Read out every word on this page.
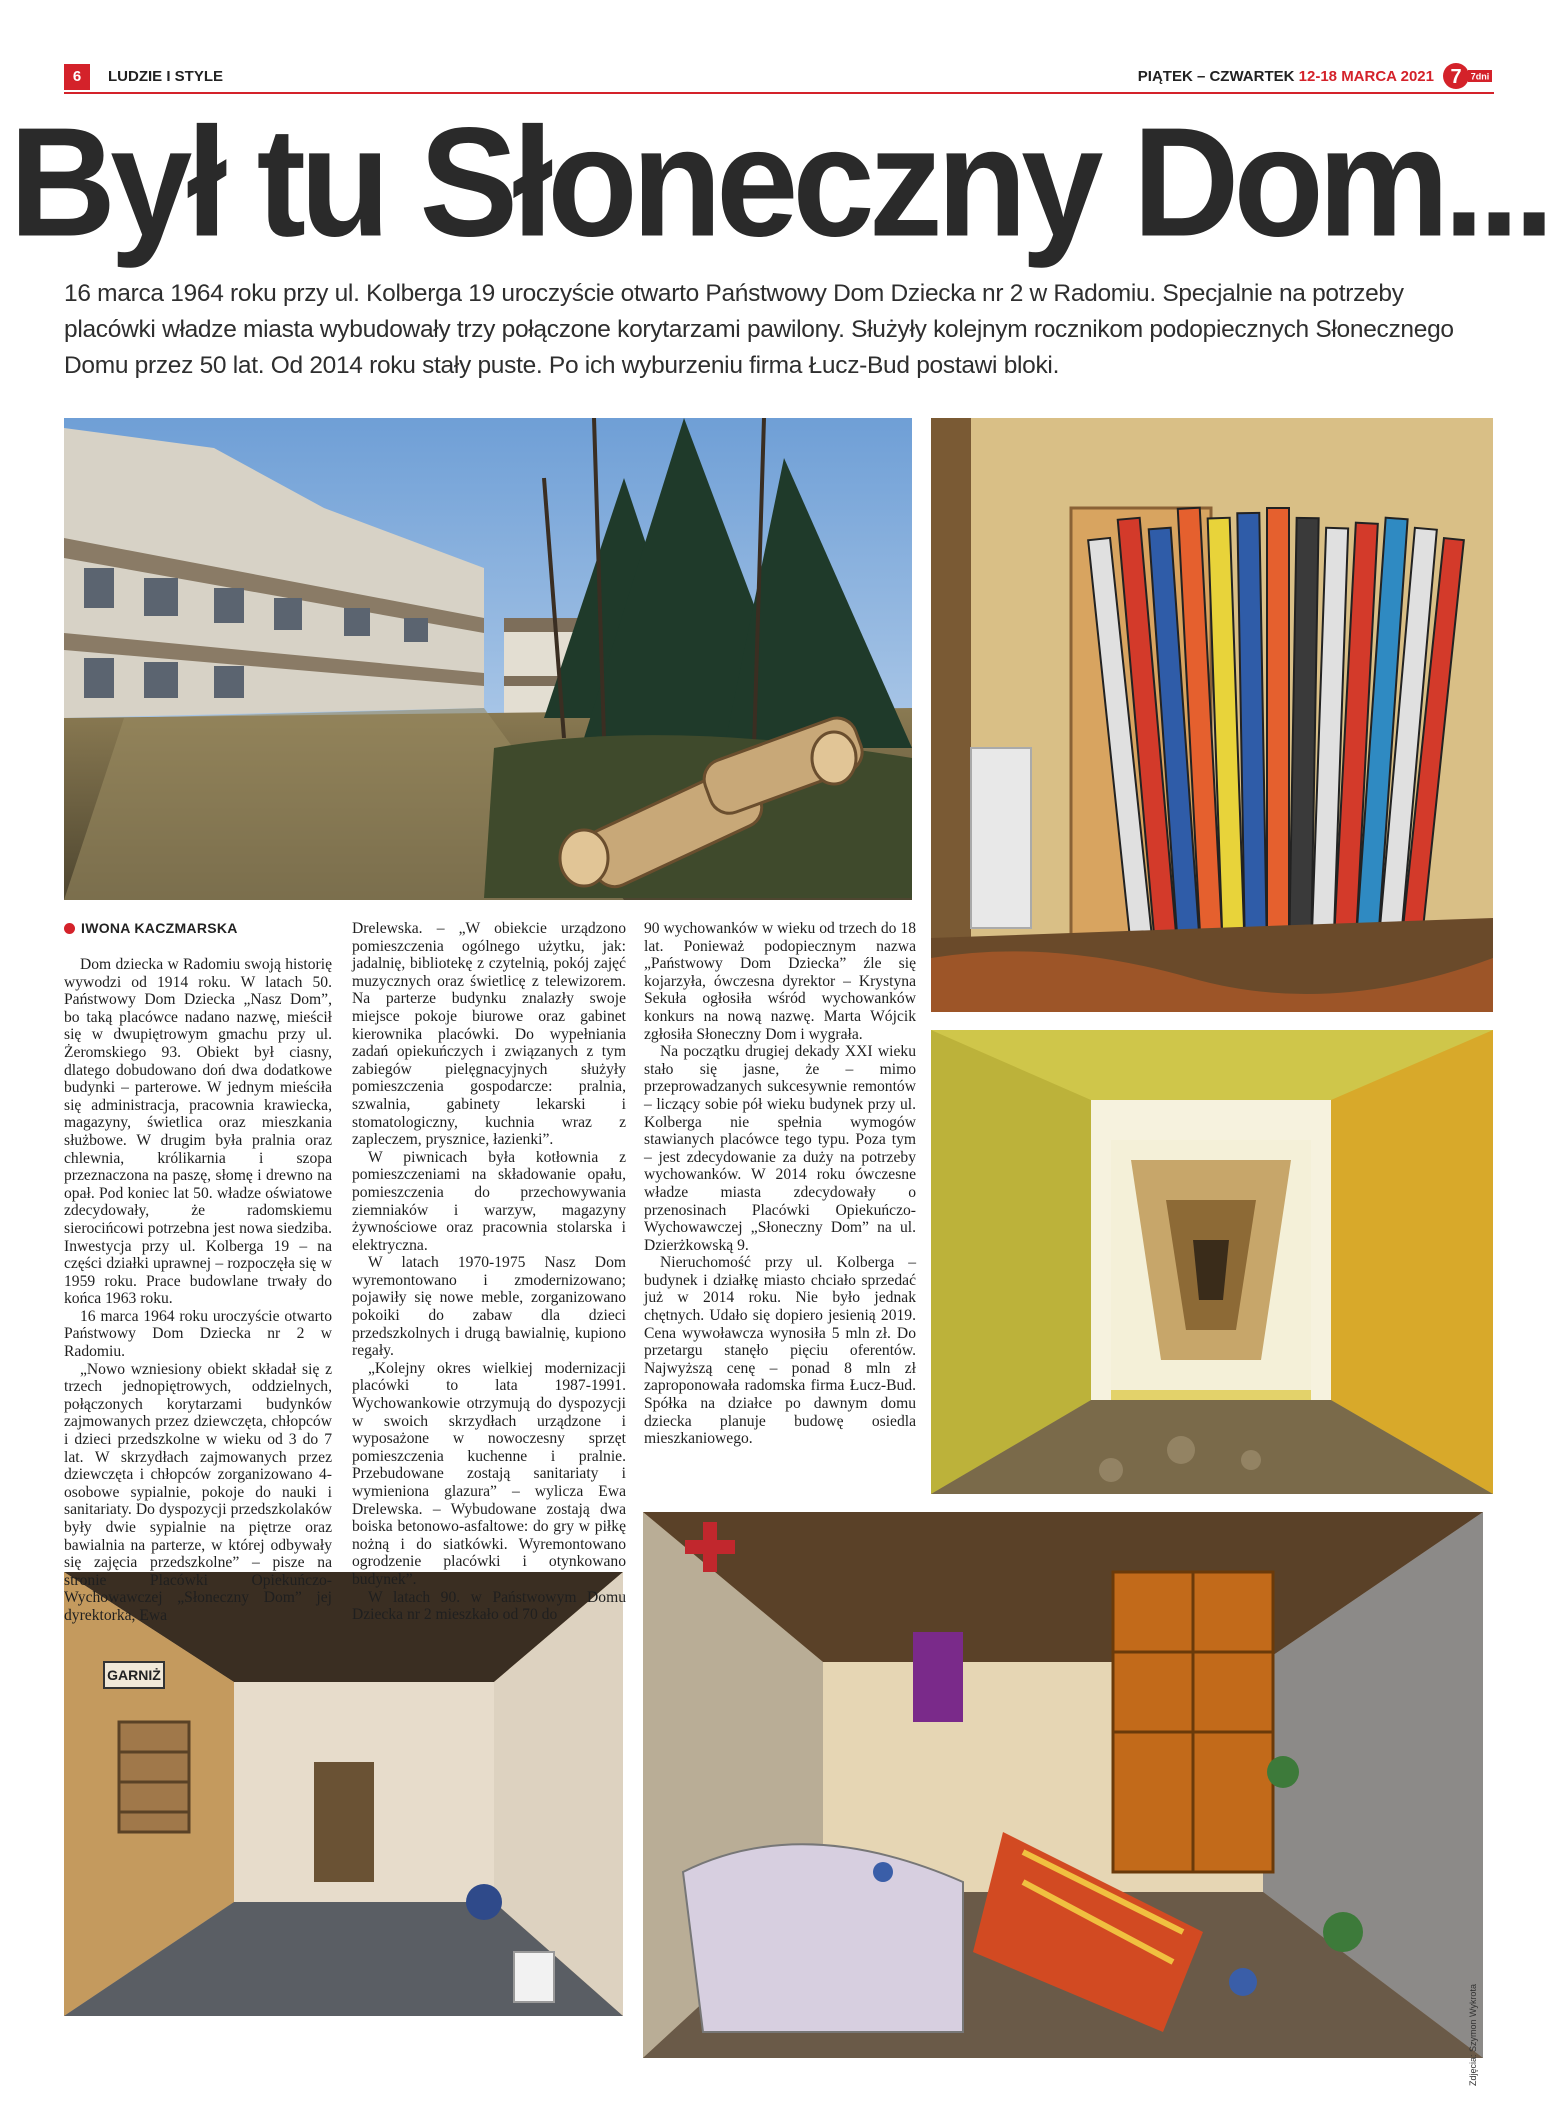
6	LUDZIE I STYLE	PIĄTEK – CZWARTEK 12-18 MARCA 2021 7 7dni
Był tu Słoneczny Dom...

16 marca 1964 roku przy ul. Kolberga 19 uroczyście otwarto Państwowy Dom Dziecka nr 2 w Radomiu. Specjalnie na potrzeby placówki władze miasta wybudowały trzy połączone korytarzami pawilony. Służyły kolejnym rocznikom podopiecznych Słonecznego Domu przez 50 lat. Od 2014 roku stały puste. Po ich wyburzeniu firma Łucz-Bud postawi bloki.

GARNIŻ
IWONA KACZMARSKA

Dom dziecka w Radomiu swoją historię wywodzi od 1914 roku. W latach 50. Państwowy Dom Dziecka „Nasz Dom”, bo taką placówce nadano nazwę, mieścił się w dwupiętrowym gmachu przy ul. Żeromskiego 93. Obiekt był ciasny, dlatego dobudowano doń dwa dodatkowe budynki – parterowe. W jednym mieściła się administracja, pracownia krawiecka, magazyny, świetlica oraz mieszkania służbowe. W drugim była pralnia oraz chlewnia, królikarnia i szopa przeznaczona na paszę, słomę i drewno na opał. Pod koniec lat 50. władze oświatowe zdecydowały, że radomskiemu sierocińcowi potrzebna jest nowa siedziba. Inwestycja przy ul. Kolberga 19 – na części działki uprawnej – rozpoczęła się w 1959 roku. Prace budowlane trwały do końca 1963 roku.

16 marca 1964 roku uroczyście otwarto Państwowy Dom Dziecka nr 2 w Radomiu.

„Nowo wzniesiony obiekt składał się z trzech jednopiętrowych, oddzielnych, połączonych korytarzami budynków zajmowanych przez dziewczęta, chłopców i dzieci przedszkolne w wieku od 3 do 7 lat. W skrzydłach zajmowanych przez dziewczęta i chłopców zorganizowano 4-osobowe sypialnie, pokoje do nauki i sanitariaty. Do dyspozycji przedszkolaków były dwie sypialnie na piętrze oraz bawialnia na parterze, w której odbywały się zajęcia przedszkolne” – pisze na stronie Placówki Opiekuńczo-Wychowawczej „Słoneczny Dom” jej dyrektorka, Ewa

Drelewska. – „W obiekcie urządzono pomieszczenia ogólnego użytku, jak: jadalnię, bibliotekę z czytelnią, pokój zajęć muzycznych oraz świetlicę z telewizorem. Na parterze budynku znalazły swoje miejsce pokoje biurowe oraz gabinet kierownika placówki. Do wypełniania zadań opiekuńczych i związanych z tym zabiegów pielęgnacyjnych służyły pomieszczenia gospodarcze: pralnia, szwalnia, gabinety lekarski i stomatologiczny, kuchnia wraz z zapleczem, prysznice, łazienki”.

W piwnicach była kotłownia z pomieszczeniami na składowanie opału, pomieszczenia do przechowywania ziemniaków i warzyw, magazyny żywnościowe oraz pracownia stolarska i elektryczna.

W latach 1970-1975 Nasz Dom wyremontowano i zmodernizowano; pojawiły się nowe meble, zorganizowano pokoiki do zabaw dla dzieci przedszkolnych i drugą bawialnię, kupiono regały.

„Kolejny okres wielkiej modernizacji placówki to lata 1987-1991. Wychowankowie otrzymują do dyspozycji w swoich skrzydłach urządzone i wyposażone w nowoczesny sprzęt pomieszczenia kuchenne i pralnie. Przebudowane zostają sanitariaty i wymieniona glazura” – wylicza Ewa Drelewska. – Wybudowane zostają dwa boiska betonowo-asfaltowe: do gry w piłkę nożną i do siatkówki. Wyremontowano ogrodzenie placówki i otynkowano budynek”.

W latach 90. w Państwowym Domu Dziecka nr 2 mieszkało od 70 do

90 wychowanków w wieku od trzech do 18 lat. Ponieważ podopiecznym nazwa „Państwowy Dom Dziecka” źle się kojarzyła, ówczesna dyrektor – Krystyna Sekuła ogłosiła wśród wychowanków konkurs na nową nazwę. Marta Wójcik zgłosiła Słoneczny Dom i wygrała.

Na początku drugiej dekady XXI wieku stało się jasne, że – mimo przeprowadzanych sukcesywnie remontów – liczący sobie pół wieku budynek przy ul. Kolberga nie spełnia wymogów stawianych placówce tego typu. Poza tym – jest zdecydowanie za duży na potrzeby wychowanków. W 2014 roku ówczesne władze miasta zdecydowały o przenosinach Placówki Opiekuńczo-Wychowawczej „Słoneczny Dom” na ul. Dzierżkowską 9.

Nieruchomość przy ul. Kolberga – budynek i działkę miasto chciało sprzedać już w 2014 roku. Nie było jednak chętnych. Udało się dopiero jesienią 2019. Cena wywoławcza wynosiła 5 mln zł. Do przetargu stanęło pięciu oferentów. Najwyższą cenę – ponad 8 mln zł zaproponowała radomska firma Łucz-Bud. Spółka na działce po dawnym domu dziecka planuje budowę osiedla mieszkaniowego.

Zdjęcia: Szymon Wykrota
